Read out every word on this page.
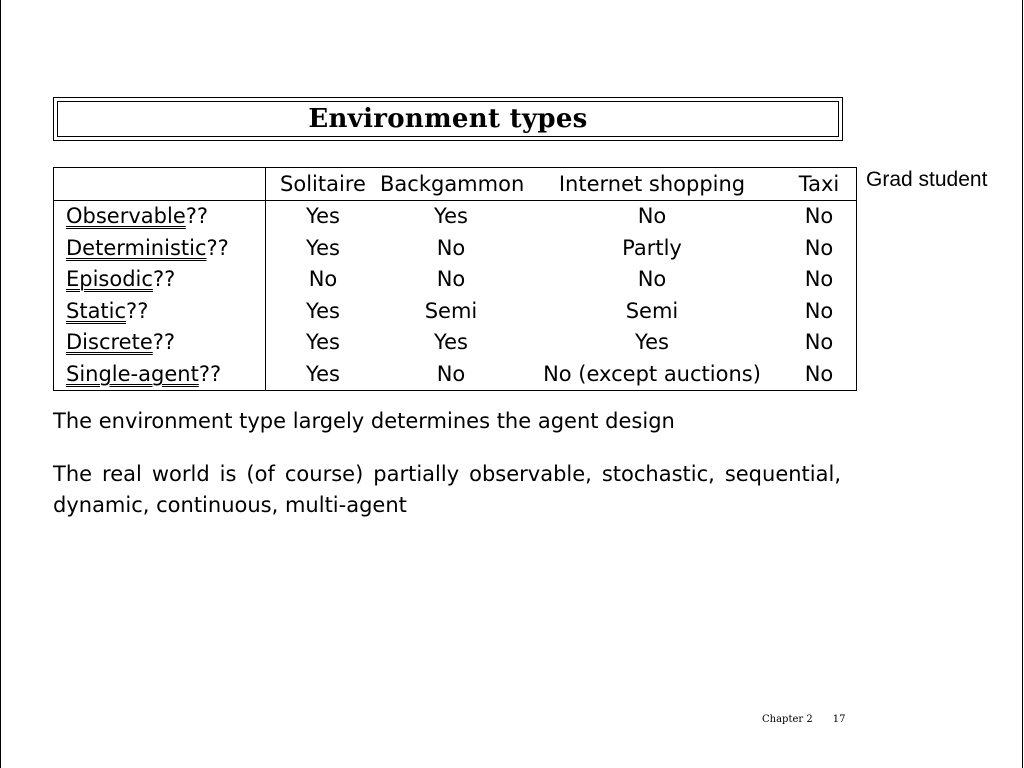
Environment types
	Solitaire	Backgammon	Internet shopping	Taxi
Observable??	Yes	Yes	No	No
Deterministic??	Yes	No	Partly	No
Episodic??	No	No	No	No
Static??	Yes	Semi	Semi	No
Discrete??	Yes	Yes	Yes	No
Single-agent??	Yes	No	No (except auctions)	No
Grad student
The environment type largely determines the agent design
The real world is (of course) partially observable, stochastic, sequential, dynamic, continuous, multi-agent
Chapter 2 17
